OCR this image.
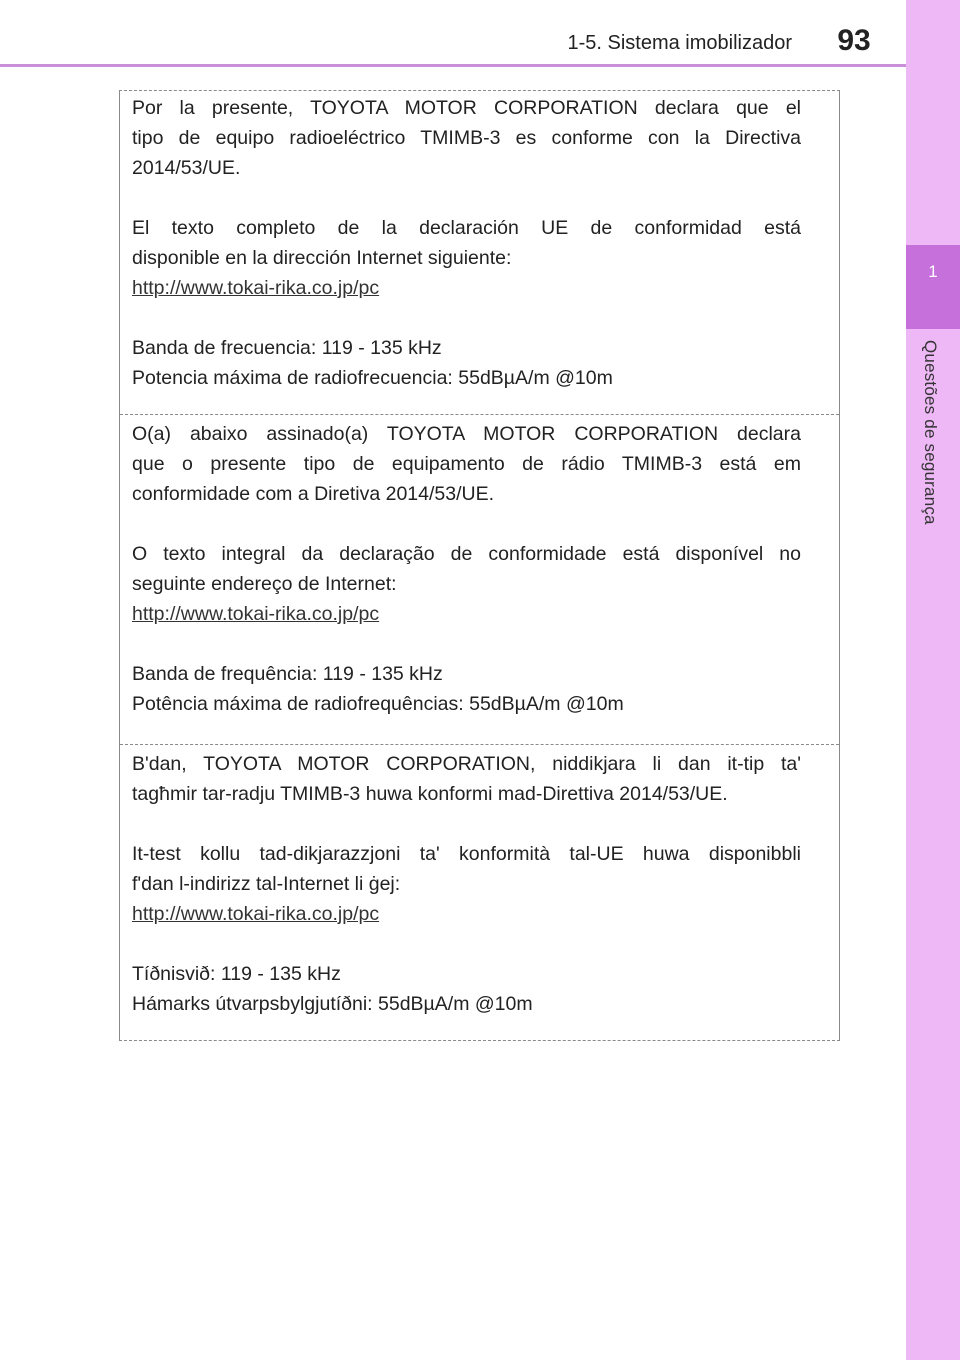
1-5. Sistema imobilizador	93
1
Questões de segurança
Por la presente, TOYOTA MOTOR CORPORATION declara que el
tipo de equipo radioeléctrico TMIMB-3 es conforme con la Directiva
2014/53/UE.
El texto completo de la declaración UE de conformidad está
disponible en la dirección Internet siguiente:
http://www.tokai-rika.co.jp/pc
Banda de frecuencia: 119 - 135 kHz
Potencia máxima de radiofrecuencia: 55dBµA/m @10m
O(a) abaixo assinado(a) TOYOTA MOTOR CORPORATION declara
que o presente tipo de equipamento de rádio TMIMB-3 está em
conformidade com a Diretiva 2014/53/UE.
O texto integral da declaração de conformidade está disponível no
seguinte endereço de Internet:
http://www.tokai-rika.co.jp/pc
Banda de frequência: 119 - 135 kHz
Potência máxima de radiofrequências: 55dBµA/m @10m
B'dan, TOYOTA MOTOR CORPORATION, niddikjara li dan it-tip ta'
tagħmir tar-radju TMIMB-3 huwa konformi mad-Direttiva 2014/53/UE.
It-test kollu tad-dikjarazzjoni ta' konformità tal-UE huwa disponibbli
f'dan l-indirizz tal-Internet li ġej:
http://www.tokai-rika.co.jp/pc
Tíðnisvið: 119 - 135 kHz
Hámarks útvarpsbylgjutíðni: 55dBµA/m @10m
